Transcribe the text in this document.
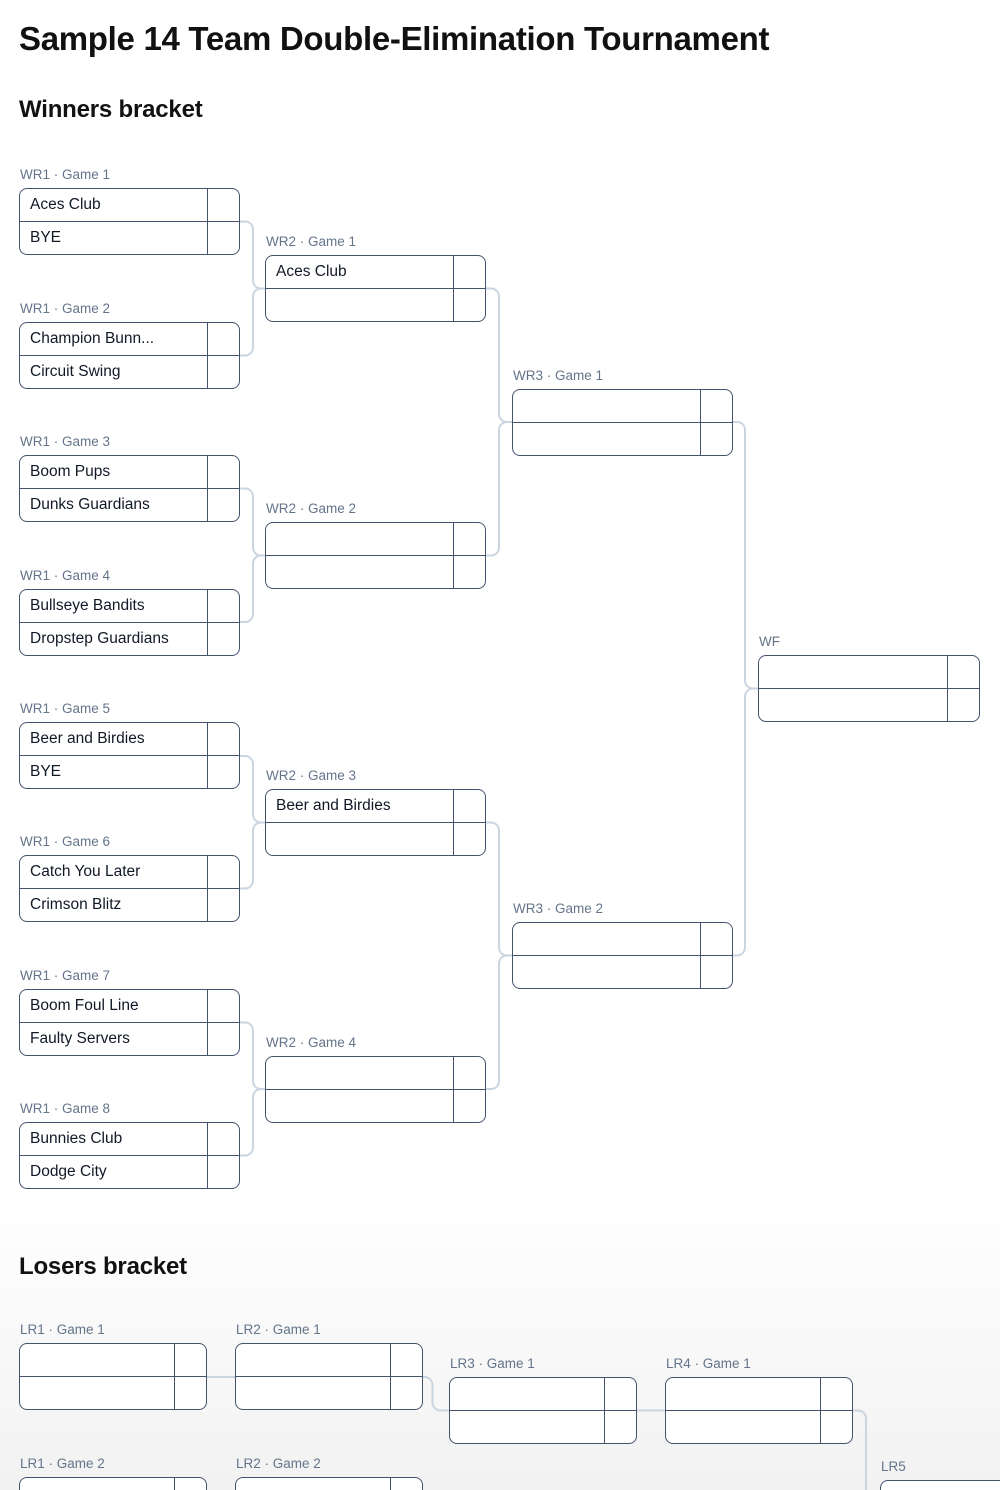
Sample 14 Team Double-Elimination Tournament
Winners bracket
Losers bracket
WR1 · Game 1
Aces Club
BYE
WR1 · Game 2
Champion Bunn...
Circuit Swing
WR1 · Game 3
Boom Pups
Dunks Guardians
WR1 · Game 4
Bullseye Bandits
Dropstep Guardians
WR1 · Game 5
Beer and Birdies
BYE
WR1 · Game 6
Catch You Later
Crimson Blitz
WR1 · Game 7
Boom Foul Line
Faulty Servers
WR1 · Game 8
Bunnies Club
Dodge City
WR2 · Game 1
Aces Club
WR2 · Game 2
WR2 · Game 3
Beer and Birdies
WR2 · Game 4
WR3 · Game 1
WR3 · Game 2
WF
LR1 · Game 1	LR2 · Game 1
LR3 · Game 1	LR4 · Game 1
LR5
LR1 · Game 2	LR2 · Game 2
